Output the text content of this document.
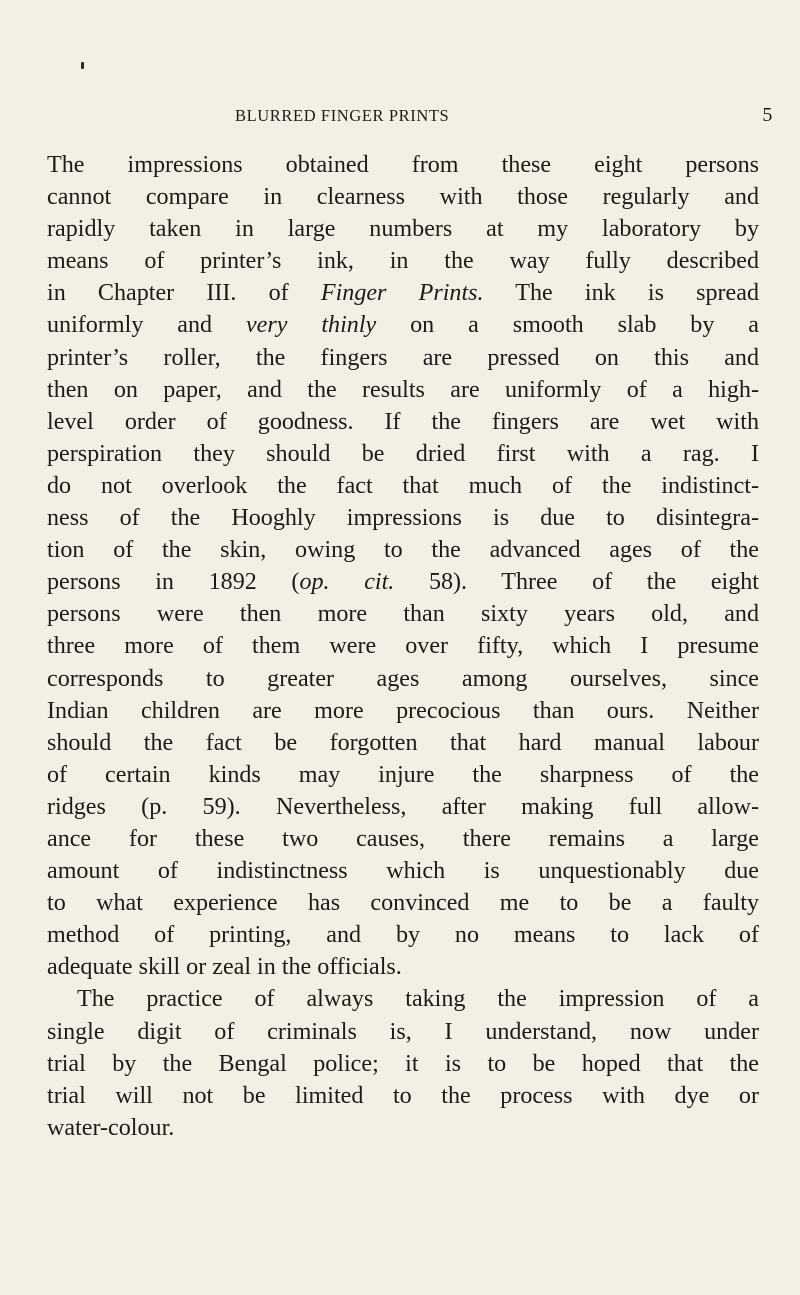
BLURRED FINGER PRINTS	5
The impressions obtained from these eight persons
cannot compare in clearness with those regularly and
rapidly taken in large numbers at my laboratory by
means of printer’s ink, in the way fully described
in Chapter III. of Finger Prints. The ink is spread
uniformly and very thinly on a smooth slab by a
printer’s roller, the fingers are pressed on this and
then on paper, and the results are uniformly of a high-
level order of goodness. If the fingers are wet with
perspiration they should be dried first with a rag. I
do not overlook the fact that much of the indistinct-
ness of the Hooghly impressions is due to disintegra-
tion of the skin, owing to the advanced ages of the
persons in 1892 (op. cit. 58). Three of the eight
persons were then more than sixty years old, and
three more of them were over fifty, which I presume
corresponds to greater ages among ourselves, since
Indian children are more precocious than ours. Neither
should the fact be forgotten that hard manual labour
of certain kinds may injure the sharpness of the
ridges (p. 59). Nevertheless, after making full allow-
ance for these two causes, there remains a large
amount of indistinctness which is unquestionably due
to what experience has convinced me to be a faulty
method of printing, and by no means to lack of
adequate skill or zeal in the officials.
The practice of always taking the impression of a
single digit of criminals is, I understand, now under
trial by the Bengal police; it is to be hoped that the
trial will not be limited to the process with dye or
water-colour.
